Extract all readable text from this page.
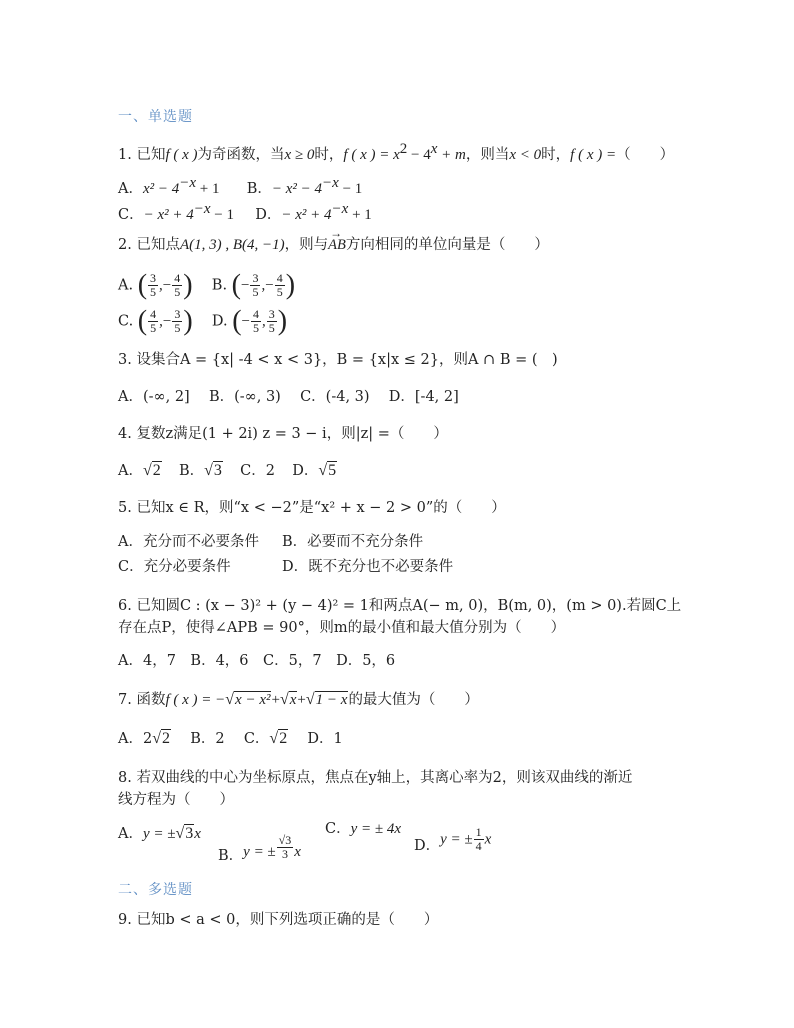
一、单选题
1. 已知f ( x )为奇函数，当x ≥ 0时，f ( x ) = $x^2 - 4^x + m$，则当x < 0时，f ( x ) =（　　）
A．$x^2 - 4^{-x} + 1$ B．− $x^2 - 4^{-x} - 1$
C．− $x^2 + 4^{-x} - 1$ D．− $x^2 + 4^{-x} + 1$
2. 已知点A(1, 3) , B(4, −1)，则与→ AB方向相同的单位向量是（　　）
A. ( $\frac{3}{5}$ ,− $\frac{4}{5}$ ) B. (− $\frac{3}{5}$ ,− $\frac{4}{5}$ )
C. ( $\frac{4}{5}$ ,− $\frac{3}{5}$ ) D. (− $\frac{4}{5}$ , $\frac{3}{5}$ )
3. 设集合A = {x| -4 < x < 3}，B = {x|x ≤ 2}，则A ∩ B = (　)
A．(-∞, 2] B．(-∞, 3) C．(-4, 3) D．[-4, 2]
4. 复数z满足(1 + 2i) z = 3 − i，则|z| =（　　）
A．√2 B．√3 C．2 D．√5
5. 已知x ∈ R，则“x < −2”是“x² + x − 2 > 0”的（　　）
A．充分而不必要条件 B．必要而不充分条件
C．充分必要条件	D．既不充分也不必要条件
6. 已知圆C : (x − 3)² + (y − 4)² = 1和两点A(− m, 0)，B(m, 0)，(m > 0).若圆C上
存在点P，使得∠APB = 90°，则m的最小值和最大值分别为（　　）
A．4，7　B．4，6　C．5，7　D．5，6
7. 函数f ( x ) = −√x − x²+√x+√1 − x的最大值为（　　）
A．2√2 B．2 C．√2 D．1
8. 若双曲线的中心为坐标原点，焦点在y轴上，其离心率为2，则该双曲线的渐近
线方程为（　　）
A．y = ±√3x
B．y = ± $\frac{√3}{3}$ x
C．y = ± 4x
D．y = ± $\frac{1}{4}$ x
二、多选题
9. 已知b < a < 0，则下列选项正确的是（　　）
